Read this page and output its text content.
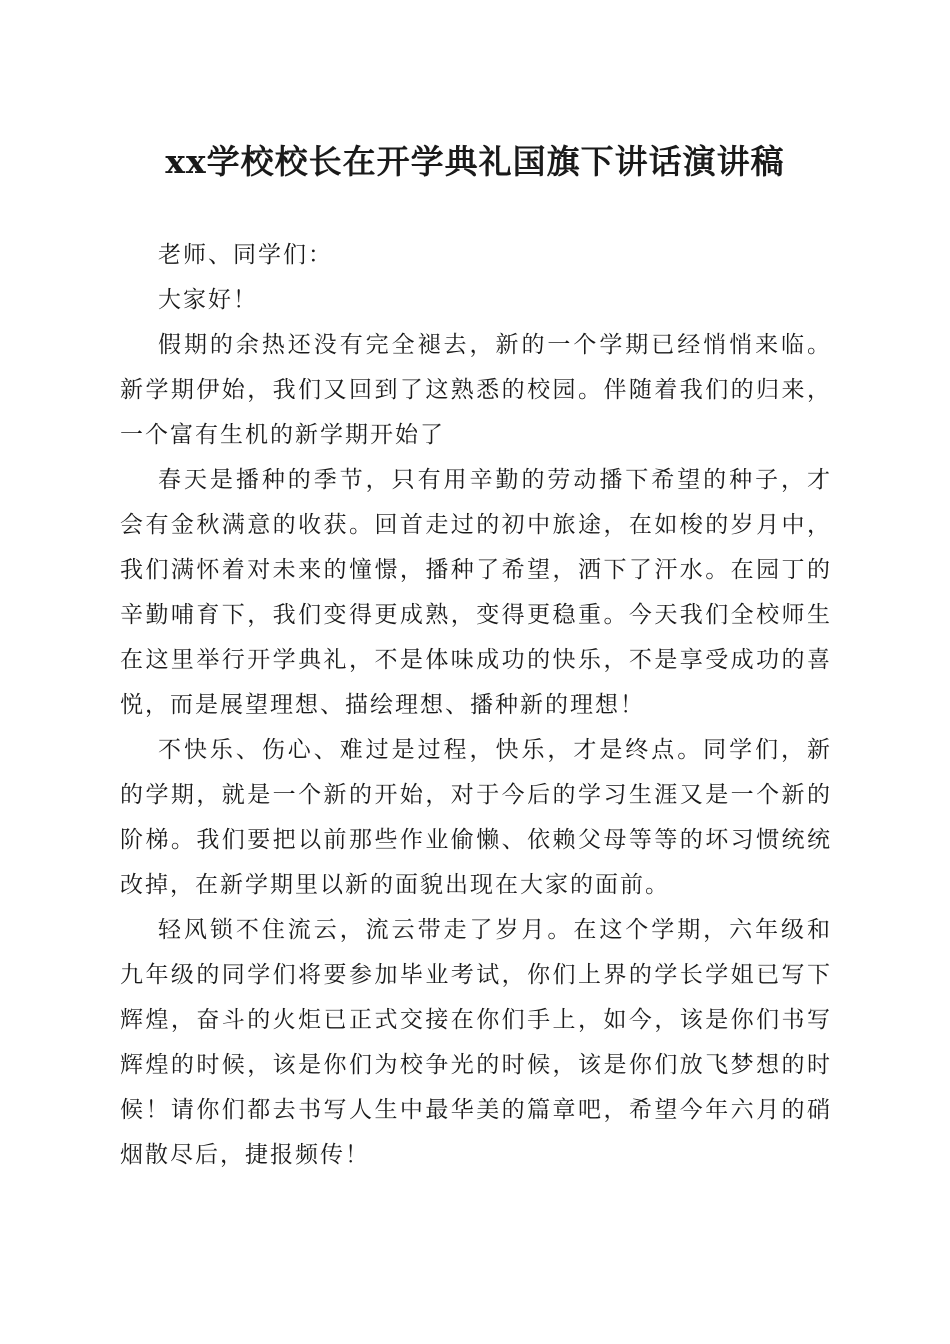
xx学校校长在开学典礼国旗下讲话演讲稿

老师、同学们：

大家好！

假期的余热还没有完全褪去，新的一个学期已经悄悄来临。新学期伊始，我们又回到了这熟悉的校园。伴随着我们的归来，一个富有生机的新学期开始了

春天是播种的季节，只有用辛勤的劳动播下希望的种子，才会有金秋满意的收获。回首走过的初中旅途，在如梭的岁月中，我们满怀着对未来的憧憬，播种了希望，洒下了汗水。在园丁的辛勤哺育下，我们变得更成熟，变得更稳重。今天我们全校师生在这里举行开学典礼，不是体味成功的快乐，不是享受成功的喜悦，而是展望理想、描绘理想、播种新的理想！

不快乐、伤心、难过是过程，快乐，才是终点。同学们，新的学期，就是一个新的开始，对于今后的学习生涯又是一个新的阶梯。我们要把以前那些作业偷懒、依赖父母等等的坏习惯统统改掉，在新学期里以新的面貌出现在大家的面前。

轻风锁不住流云，流云带走了岁月。在这个学期，六年级和九年级的同学们将要参加毕业考试，你们上界的学长学姐已写下辉煌，奋斗的火炬已正式交接在你们手上，如今，该是你们书写辉煌的时候，该是你们为校争光的时候，该是你们放飞梦想的时候！请你们都去书写人生中最华美的篇章吧，希望今年六月的硝烟散尽后，捷报频传！
